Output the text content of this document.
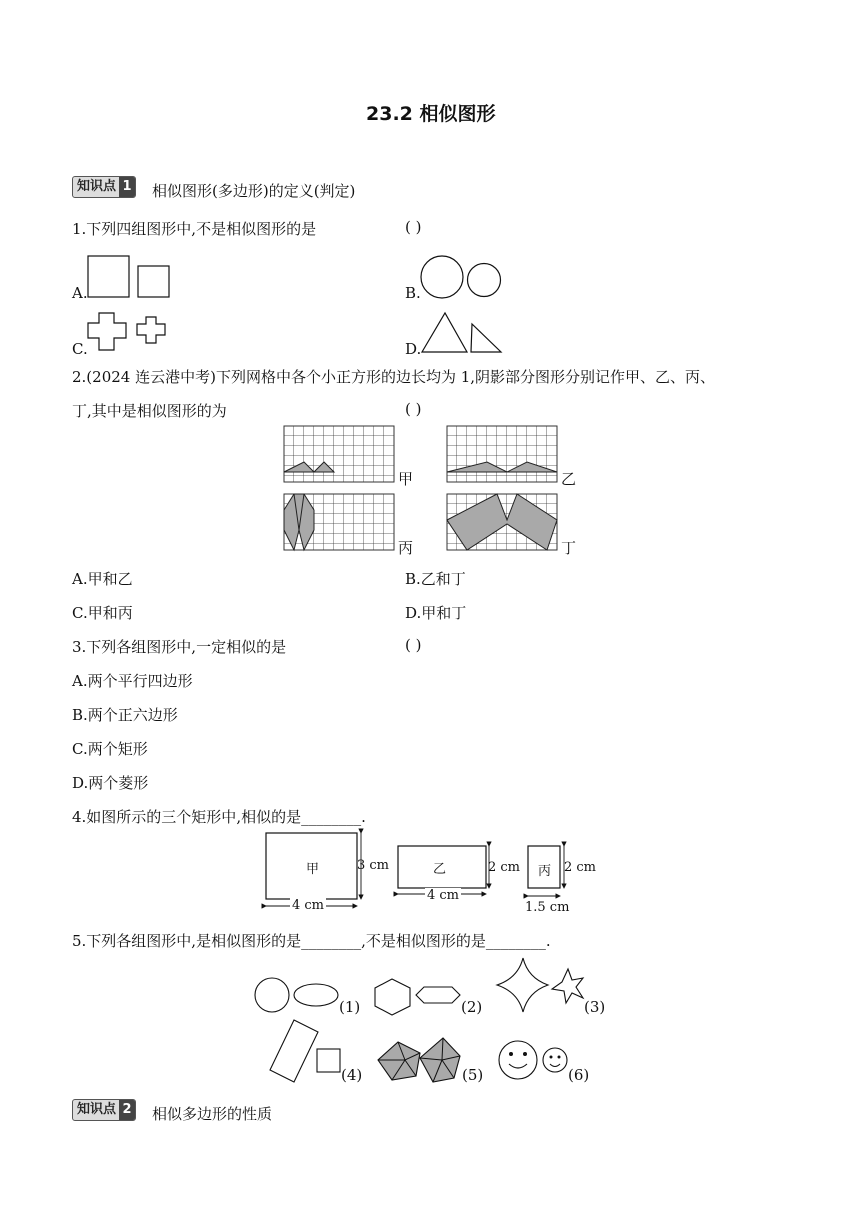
23.2 相似图形
知识点 1 相似图形(多边形)的定义(判定)
1.下列四组图形中,不是相似图形的是	( )
A.	B.
C.	D.
2.(2024 连云港中考)下列网格中各个小正方形的边长均为 1,阴影部分图形分别记作甲、乙、丙、
丁,其中是相似图形的为	( )
甲	乙
丙	丁
A.甲和乙	B.乙和丁
C.甲和丙	D.甲和丁
3.下列各组图形中,一定相似的是	( )
A.两个平行四边形
B.两个正六边形
C.两个矩形
D.两个菱形
4.如图所示的三个矩形中,相似的是________.
甲	3 cm
4 cm
乙	2 cm
4 cm
丙 2 cm
1.5 cm
5.下列各组图形中,是相似图形的是________,不是相似图形的是________.
(1)	(2)	(3)
(4)	(5)	(6)
知识点 2 相似多边形的性质
